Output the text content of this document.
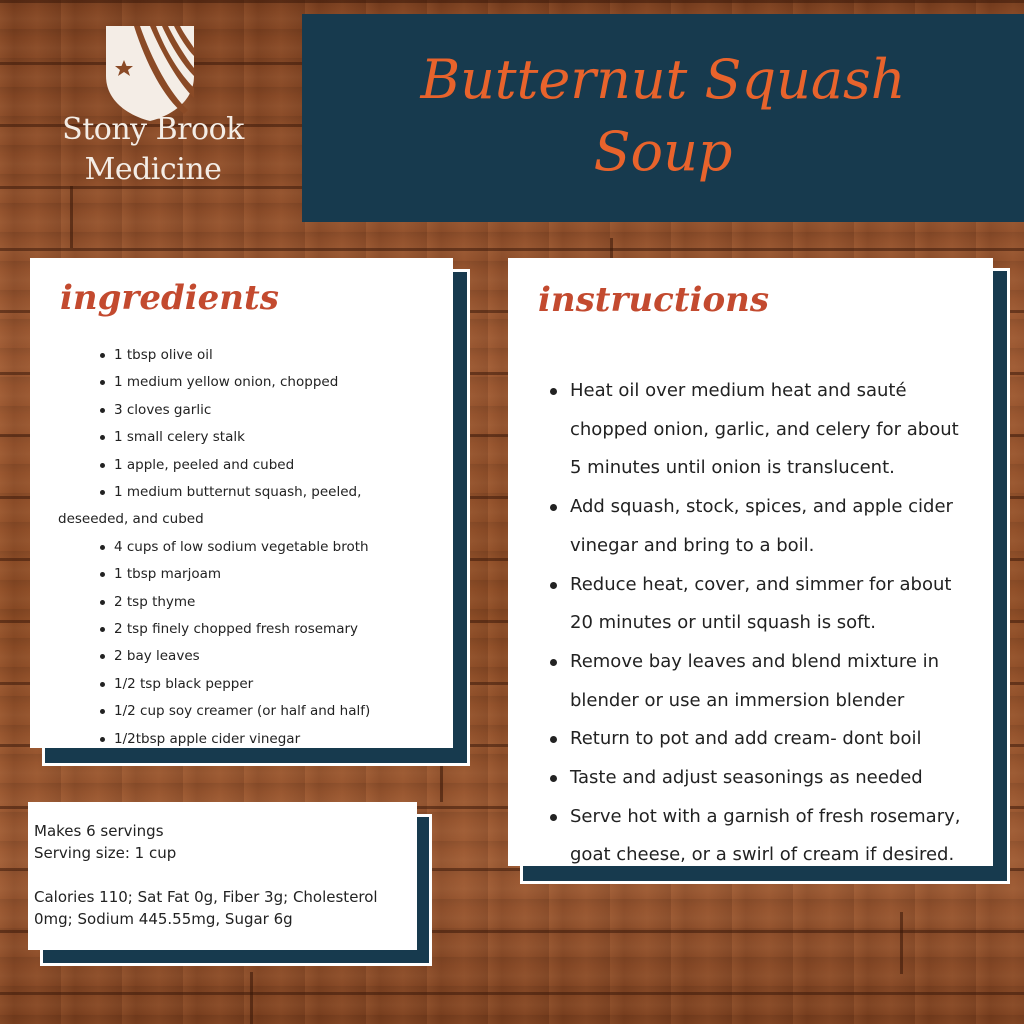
Stony Brook
Medicine
Butternut Squash
Soup
ingredients
1 tbsp olive oil
1 medium yellow onion, chopped
3 cloves garlic
1 small celery stalk
1 apple, peeled and cubed
1 medium butternut squash, peeled, deseeded, and cubed
4 cups of low sodium vegetable broth
1 tbsp marjoam
2 tsp thyme
2 tsp finely chopped fresh rosemary
2 bay leaves
1/2 tsp black pepper
1/2 cup soy creamer (or half and half)
1/2tbsp apple cider vinegar
instructions
Heat oil over medium heat and sauté chopped onion, garlic, and celery for about 5 minutes until onion is translucent.
Add squash, stock, spices, and apple cider vinegar and bring to a boil.
Reduce heat, cover, and simmer for about 20 minutes or until squash is soft.
Remove bay leaves and blend mixture in blender or use an immersion blender
Return to pot and add cream- dont boil
Taste and adjust seasonings as needed
Serve hot with a garnish of fresh rosemary, goat cheese, or a swirl of cream if desired.

Makes 6 servings

Serving size: 1 cup

Calories 110; Sat Fat 0g, Fiber 3g; Cholesterol 0mg; Sodium 445.55mg, Sugar 6g
